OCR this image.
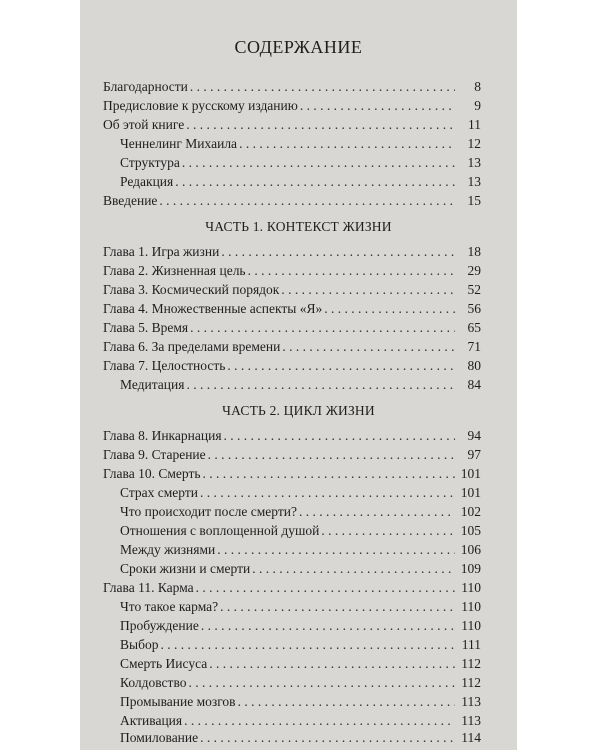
СОДЕРЖАНИЕ
Благодарности . . .	8
Предисловие к русскому изданию . . .	9
Об этой книге . . .	11
Ченнелинг Михаила . . .	12
Структура . . .	13
Редакция . . .	13
Введение . . .	15
ЧАСТЬ 1. КОНТЕКСТ ЖИЗНИ
Глава 1. Игра жизни . . .	18
Глава 2. Жизненная цель . . .	29
Глава 3. Космический порядок . . .	52
Глава 4. Множественные аспекты «Я» . . .	56
Глава 5. Время . . .	65
Глава 6. За пределами времени . . .	71
Глава 7. Целостность . . .	80
Медитация . . .	84
ЧАСТЬ 2. ЦИКЛ ЖИЗНИ
Глава 8. Инкарнация . . .	94
Глава 9. Старение . . .	97
Глава 10. Смерть . . .	101
Страх смерти . . .	101
Что происходит после смерти? . . .	102
Отношения с воплощенной душой . . .	105
Между жизнями . . .	106
Сроки жизни и смерти . . .	109
Глава 11. Карма . . .	110
Что такое карма? . . .	110
Пробуждение . . .	110
Выбор . . .	111
Смерть Иисуса . . .	112
Колдовство . . .	112
Промывание мозгов . . .	113
Активация . . .	113
Помилование . . .	114
